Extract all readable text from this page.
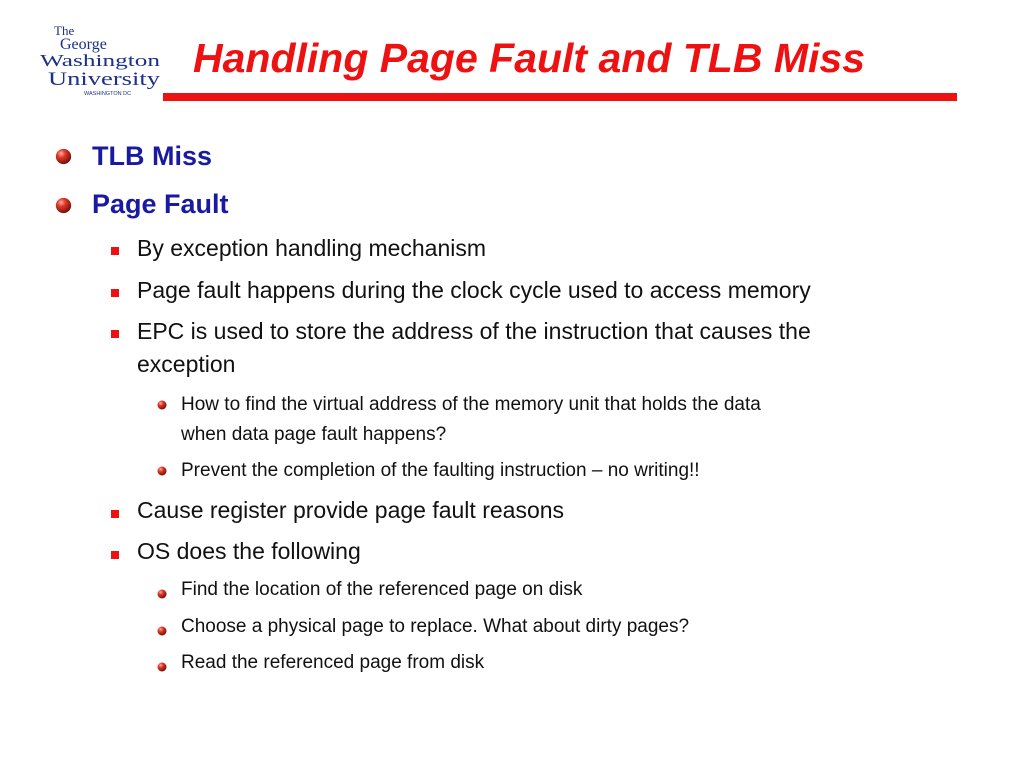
The
George
Washington
University
WASHINGTON DC
Handling Page Fault and TLB Miss
TLB Miss
Page Fault
By exception handling mechanism
Page fault happens during the clock cycle used to access memory
EPC is used to store the address of the instruction that causes the
exception
How to find the virtual address of the memory unit that holds the data
when data page fault happens?
Prevent the completion of the faulting instruction – no writing!!
Cause register provide page fault reasons
OS does the following
Find the location of the referenced page on disk
Choose a physical page to replace. What about dirty pages?
Read the referenced page from disk
